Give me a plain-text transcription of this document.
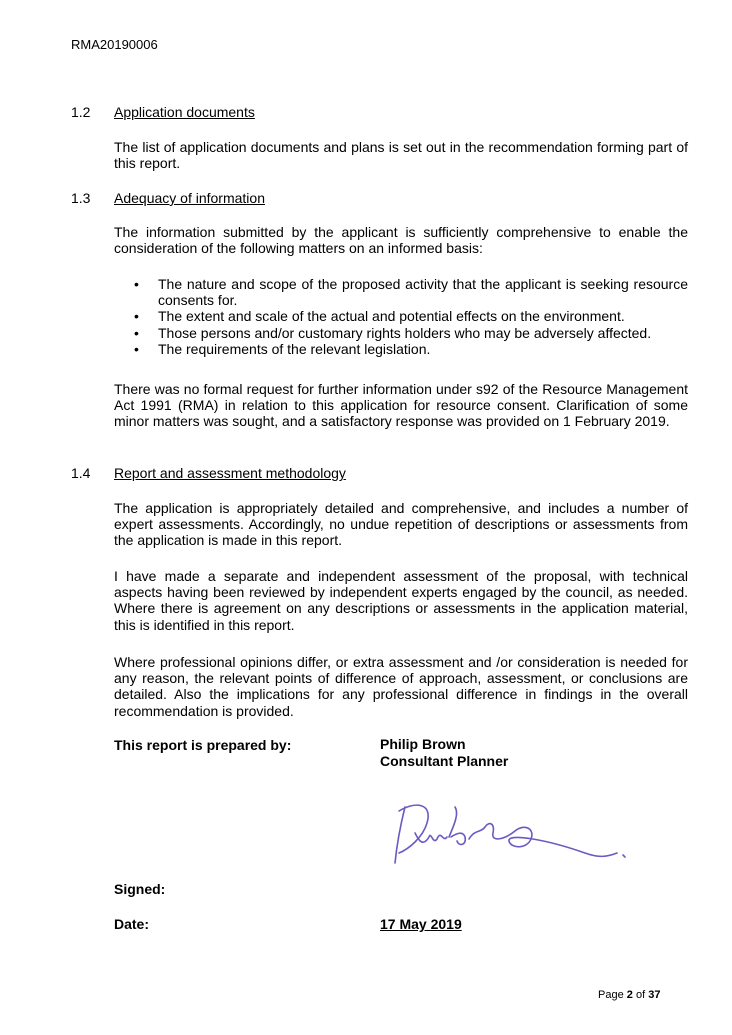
RMA20190006
1.2	Application documents

The list of application documents and plans is set out in the recommendation forming part of this report.

1.3	Adequacy of information

The information submitted by the applicant is sufficiently comprehensive to enable the consideration of the following matters on an informed basis:

• The nature and scope of the proposed activity that the applicant is seeking resource consents for.
• The extent and scale of the actual and potential effects on the environment.
• Those persons and/or customary rights holders who may be adversely affected.
• The requirements of the relevant legislation.

There was no formal request for further information under s92 of the Resource Management Act 1991 (RMA) in relation to this application for resource consent. Clarification of some minor matters was sought, and a satisfactory response was provided on 1 February 2019.

1.4	Report and assessment methodology

The application is appropriately detailed and comprehensive, and includes a number of expert assessments. Accordingly, no undue repetition of descriptions or assessments from the application is made in this report.

I have made a separate and independent assessment of the proposal, with technical aspects having been reviewed by independent experts engaged by the council, as needed. Where there is agreement on any descriptions or assessments in the application material, this is identified in this report.

Where professional opinions differ, or extra assessment and /or consideration is needed for any reason, the relevant points of difference of approach, assessment, or conclusions are detailed. Also the implications for any professional difference in findings in the overall recommendation is provided.

This report is prepared by:	Philip Brown
Consultant Planner
Signed:
Date:	17 May 2019
Page 2 of 37
